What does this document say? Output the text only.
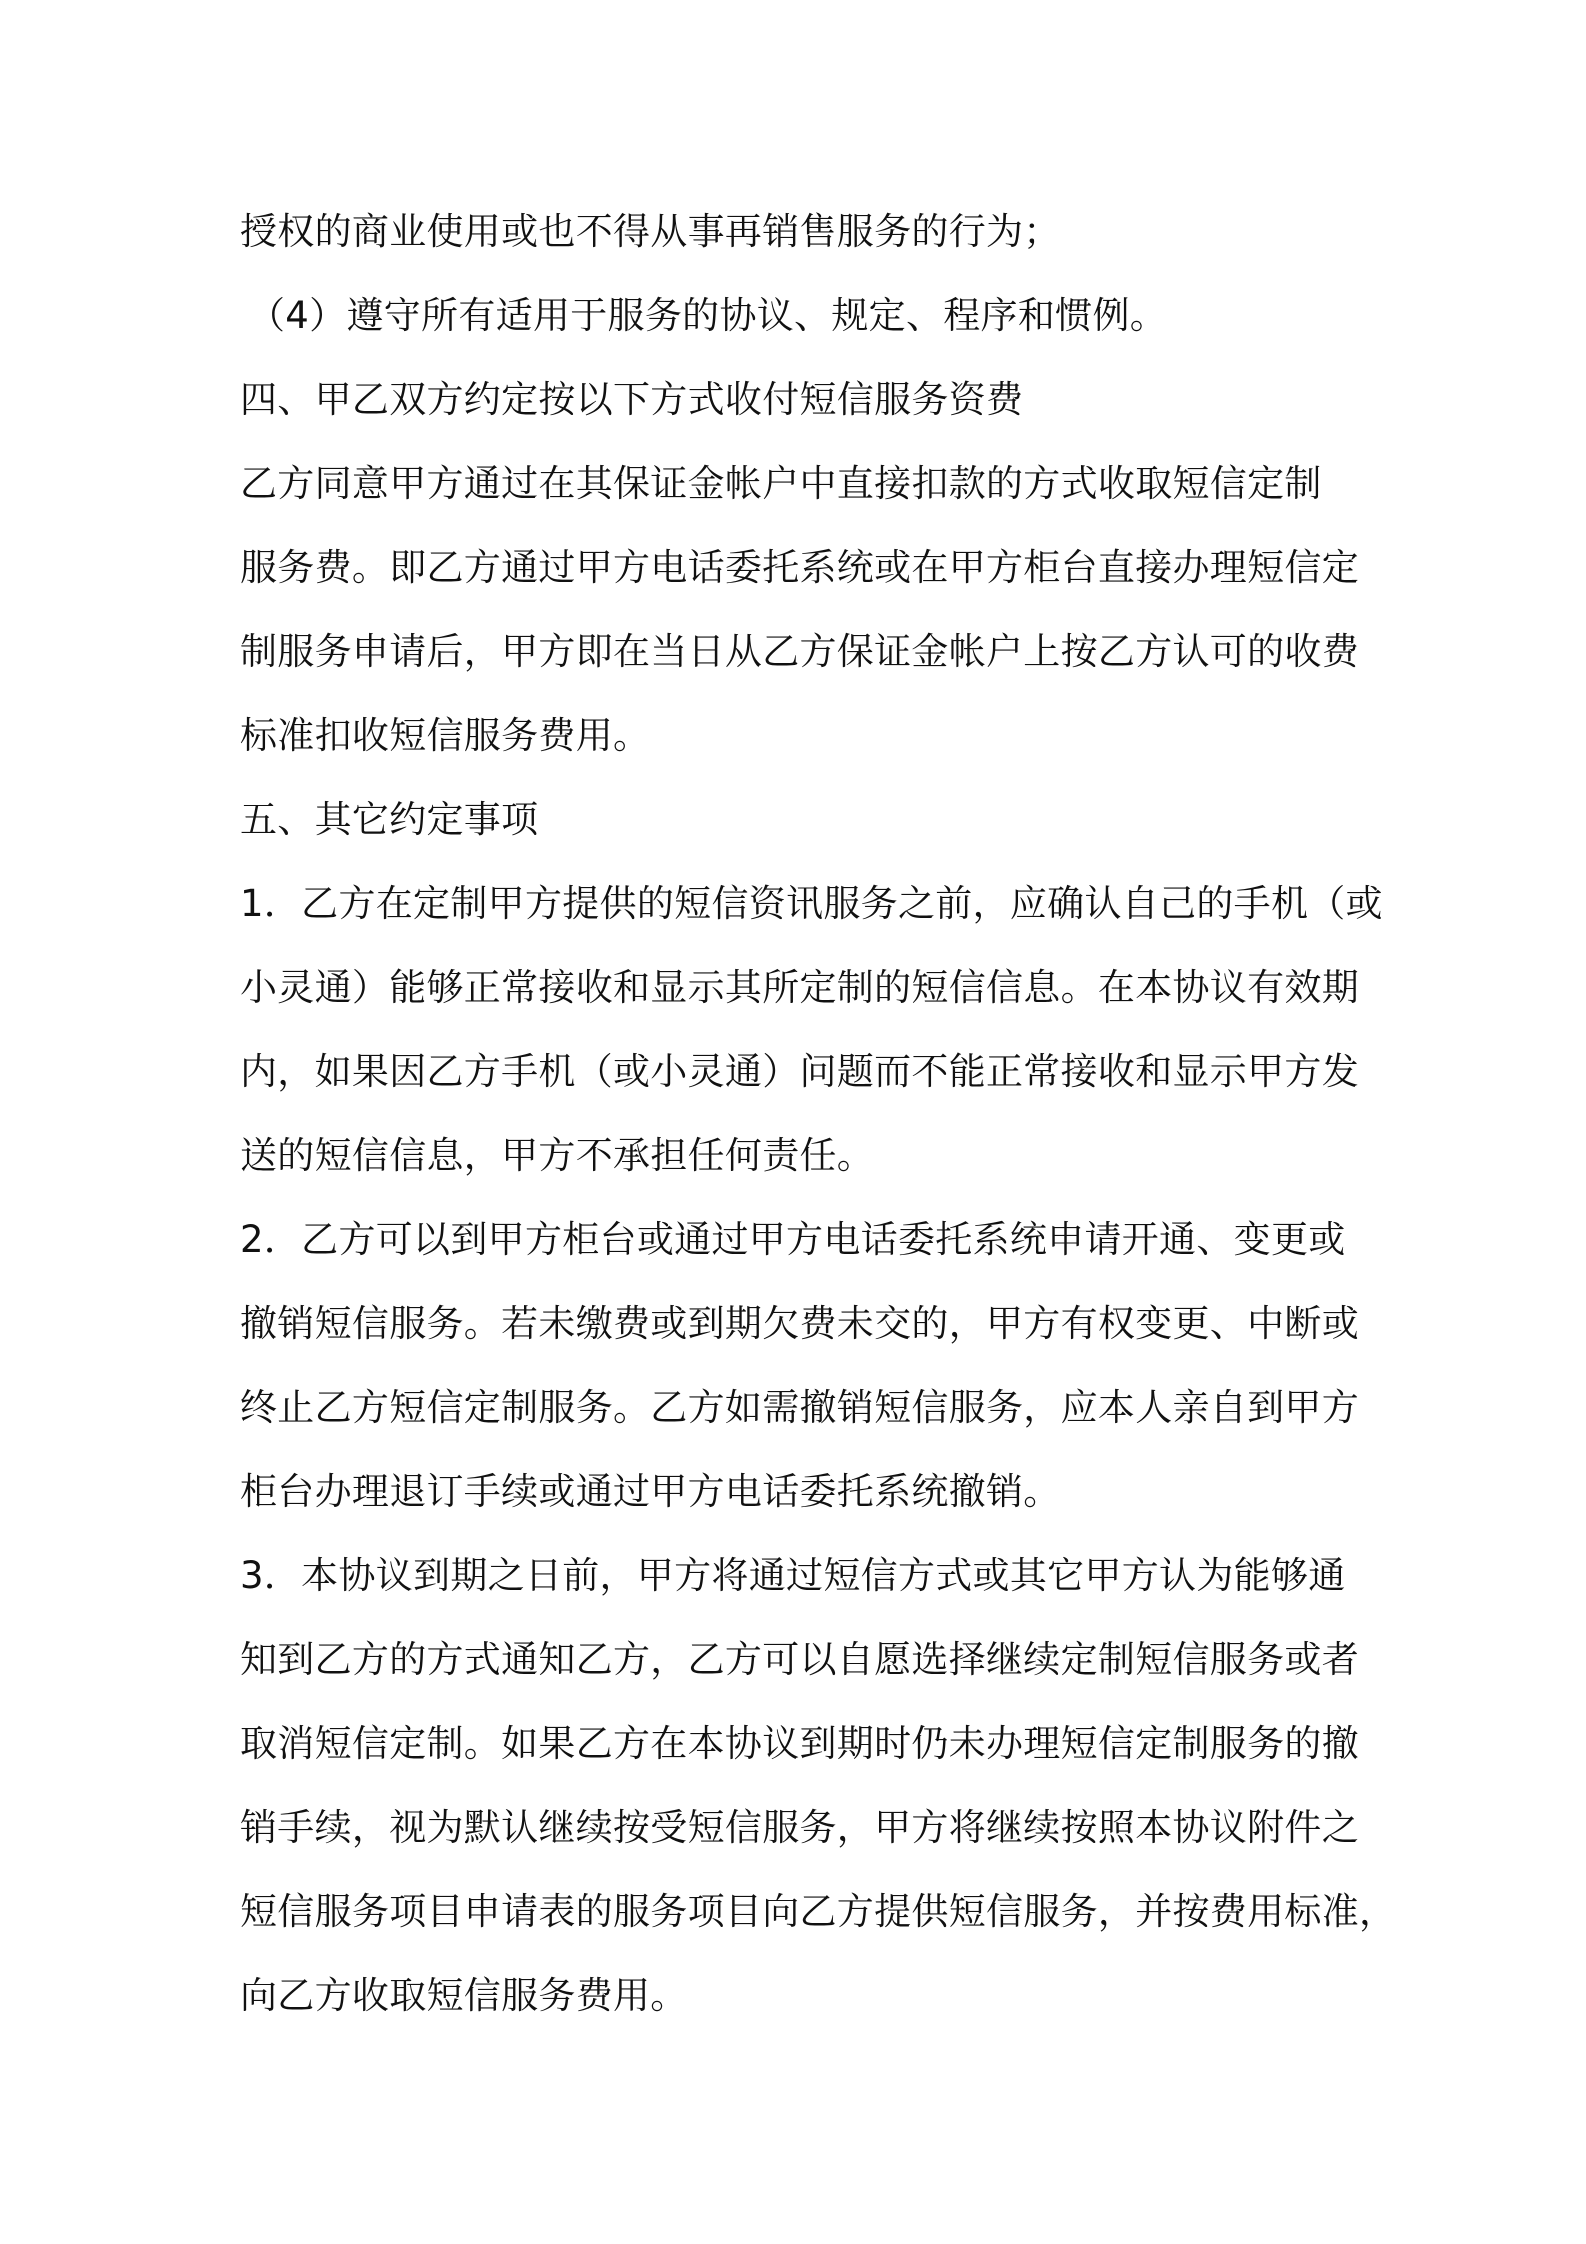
授权的商业使用或也不得从事再销售服务的行为；
（4）遵守所有适用于服务的协议、规定、程序和惯例。
四、甲乙双方约定按以下方式收付短信服务资费
乙方同意甲方通过在其保证金帐户中直接扣款的方式收取短信定制
服务费。即乙方通过甲方电话委托系统或在甲方柜台直接办理短信定
制服务申请后，甲方即在当日从乙方保证金帐户上按乙方认可的收费
标准扣收短信服务费用。
五、其它约定事项
1．乙方在定制甲方提供的短信资讯服务之前，应确认自己的手机（或
小灵通）能够正常接收和显示其所定制的短信信息。在本协议有效期
内，如果因乙方手机（或小灵通）问题而不能正常接收和显示甲方发
送的短信信息，甲方不承担任何责任。
2．乙方可以到甲方柜台或通过甲方电话委托系统申请开通、变更或
撤销短信服务。若未缴费或到期欠费未交的，甲方有权变更、中断或
终止乙方短信定制服务。乙方如需撤销短信服务，应本人亲自到甲方
柜台办理退订手续或通过甲方电话委托系统撤销。
3．本协议到期之日前，甲方将通过短信方式或其它甲方认为能够通
知到乙方的方式通知乙方，乙方可以自愿选择继续定制短信服务或者
取消短信定制。如果乙方在本协议到期时仍未办理短信定制服务的撤
销手续，视为默认继续按受短信服务，甲方将继续按照本协议附件之
短信服务项目申请表的服务项目向乙方提供短信服务，并按费用标准，
向乙方收取短信服务费用。
